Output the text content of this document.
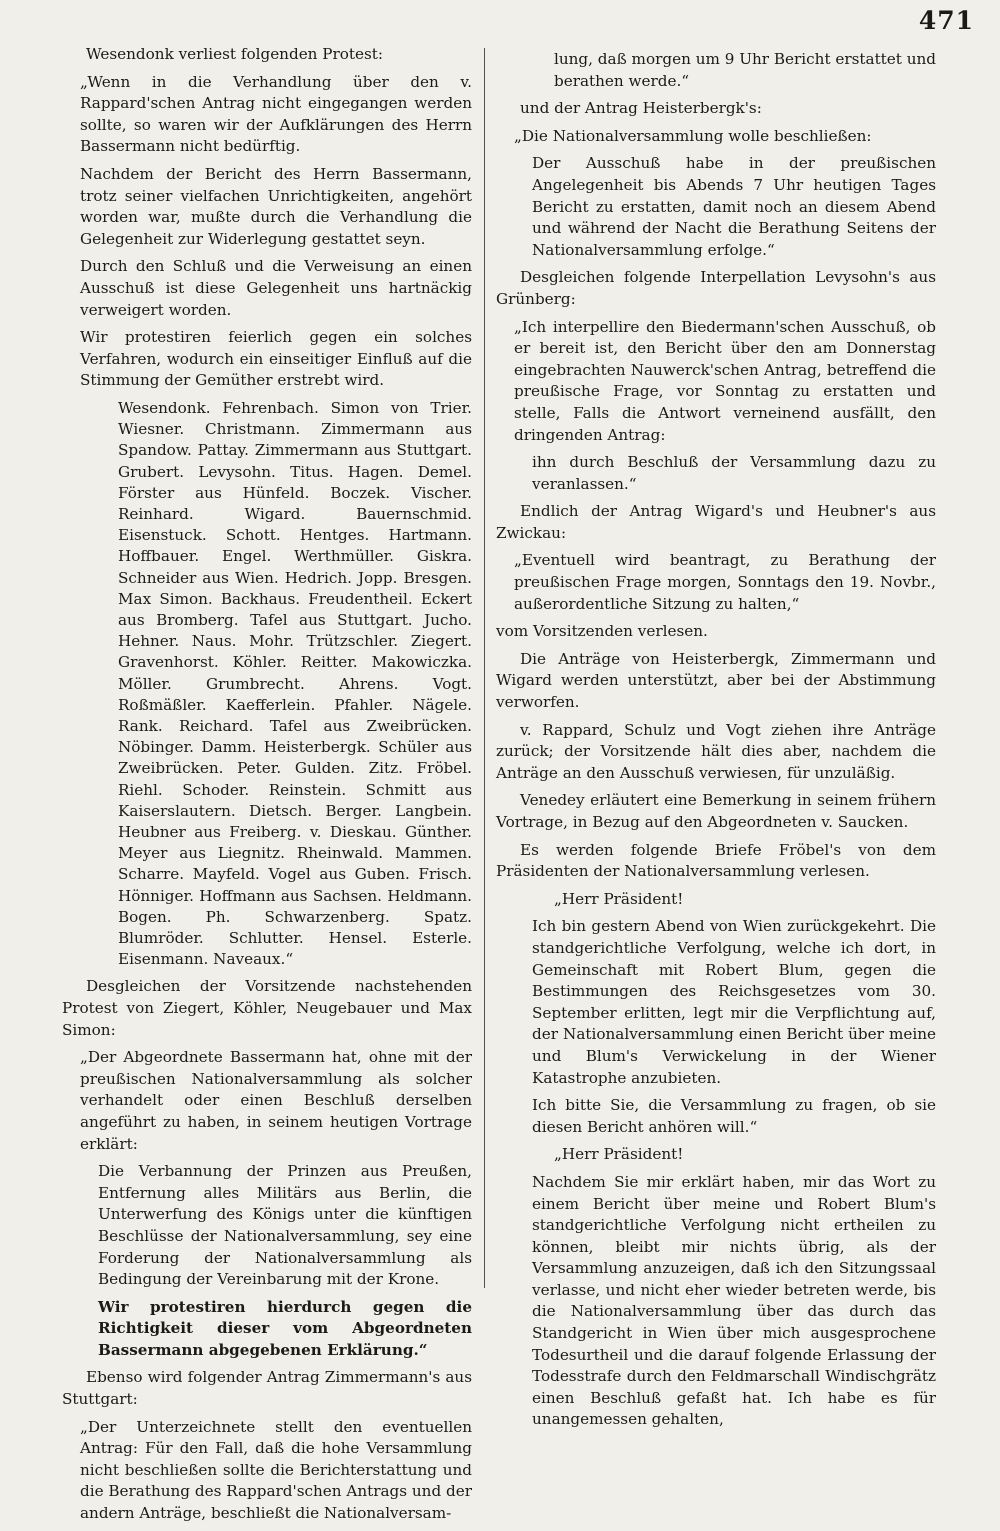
471

Wesendonk verliest folgenden Protest:

„Wenn in die Verhandlung über den v. Rappard'schen Antrag nicht eingegangen werden sollte, so waren wir der Aufklärungen des Herrn Bassermann nicht bedürftig.

Nachdem der Bericht des Herrn Bassermann, trotz seiner vielfachen Unrichtigkeiten, angehört worden war, mußte durch die Verhandlung die Gelegenheit zur Widerlegung gestattet seyn.

Durch den Schluß und die Verweisung an einen Ausschuß ist diese Gelegenheit uns hartnäckig verweigert worden.

Wir protestiren feierlich gegen ein solches Verfahren, wodurch ein einseitiger Einfluß auf die Stimmung der Gemüther erstrebt wird.

Wesendonk. Fehrenbach. Simon von Trier. Wiesner. Christmann. Zimmermann aus Spandow. Pattay. Zimmermann aus Stuttgart. Grubert. Levysohn. Titus. Hagen. Demel. Förster aus Hünfeld. Boczek. Vischer. Reinhard. Wigard. Bauernschmid. Eisenstuck. Schott. Hentges. Hartmann. Hoffbauer. Engel. Werthmüller. Giskra. Schneider aus Wien. Hedrich. Jopp. Bresgen. Max Simon. Backhaus. Freudentheil. Eckert aus Bromberg. Tafel aus Stuttgart. Jucho. Hehner. Naus. Mohr. Trützschler. Ziegert. Gravenhorst. Köhler. Reitter. Makowiczka. Möller. Grumbrecht. Ahrens. Vogt. Roßmäßler. Kaefferlein. Pfahler. Nägele. Rank. Reichard. Tafel aus Zweibrücken. Nöbinger. Damm. Heisterbergk. Schüler aus Zweibrücken. Peter. Gulden. Zitz. Fröbel. Riehl. Schoder. Reinstein. Schmitt aus Kaiserslautern. Dietsch. Berger. Langbein. Heubner aus Freiberg. v. Dieskau. Günther. Meyer aus Liegnitz. Rheinwald. Mammen. Scharre. Mayfeld. Vogel aus Guben. Frisch. Hönniger. Hoffmann aus Sachsen. Heldmann. Bogen. Ph. Schwarzenberg. Spatz. Blumröder. Schlutter. Hensel. Esterle. Eisenmann. Naveaux.“

Desgleichen der Vorsitzende nachstehenden Protest von Ziegert, Köhler, Neugebauer und Max Simon:

„Der Abgeordnete Bassermann hat, ohne mit der preußischen Nationalversammlung als solcher verhandelt oder einen Beschluß derselben angeführt zu haben, in seinem heutigen Vortrage erklärt:

Die Verbannung der Prinzen aus Preußen, Entfernung alles Militärs aus Berlin, die Unterwerfung des Königs unter die künftigen Beschlüsse der Nationalversammlung, sey eine Forderung der Nationalversammlung als Bedingung der Vereinbarung mit der Krone.

Wir protestiren hierdurch gegen die Richtigkeit dieser vom Abgeordneten Bassermann abgegebenen Erklärung.“

Ebenso wird folgender Antrag Zimmermann's aus Stuttgart:

„Der Unterzeichnete stellt den eventuellen Antrag: Für den Fall, daß die hohe Versammlung nicht beschließen sollte die Berichterstattung und die Berathung des Rappard'schen Antrags und der andern Anträge, beschließt die Nationalversam-

lung, daß morgen um 9 Uhr Bericht erstattet und berathen werde.“

und der Antrag Heisterbergk's:

„Die Nationalversammlung wolle beschließen:

Der Ausschuß habe in der preußischen Angelegenheit bis Abends 7 Uhr heutigen Tages Bericht zu erstatten, damit noch an diesem Abend und während der Nacht die Berathung Seitens der Nationalversammlung erfolge.“

Desgleichen folgende Interpellation Levysohn's aus Grünberg:

„Ich interpellire den Biedermann'schen Ausschuß, ob er bereit ist, den Bericht über den am Donnerstag eingebrachten Nauwerck'schen Antrag, betreffend die preußische Frage, vor Sonntag zu erstatten und stelle, Falls die Antwort verneinend ausfällt, den dringenden Antrag:

ihn durch Beschluß der Versammlung dazu zu veranlassen.“

Endlich der Antrag Wigard's und Heubner's aus Zwickau:

„Eventuell wird beantragt, zu Berathung der preußischen Frage morgen, Sonntags den 19. Novbr., außerordentliche Sitzung zu halten,“

vom Vorsitzenden verlesen.

Die Anträge von Heisterbergk, Zimmermann und Wigard werden unterstützt, aber bei der Abstimmung verworfen.

v. Rappard, Schulz und Vogt ziehen ihre Anträge zurück; der Vorsitzende hält dies aber, nachdem die Anträge an den Ausschuß verwiesen, für unzuläßig.

Venedey erläutert eine Bemerkung in seinem frühern Vortrage, in Bezug auf den Abgeordneten v. Saucken.

Es werden folgende Briefe Fröbel's von dem Präsidenten der Nationalversammlung verlesen.

„Herr Präsident!

Ich bin gestern Abend von Wien zurückgekehrt. Die standgerichtliche Verfolgung, welche ich dort, in Gemeinschaft mit Robert Blum, gegen die Bestimmungen des Reichsgesetzes vom 30. September erlitten, legt mir die Verpflichtung auf, der Nationalversammlung einen Bericht über meine und Blum's Verwickelung in der Wiener Katastrophe anzubieten.

Ich bitte Sie, die Versammlung zu fragen, ob sie diesen Bericht anhören will.“

„Herr Präsident!

Nachdem Sie mir erklärt haben, mir das Wort zu einem Bericht über meine und Robert Blum's standgerichtliche Verfolgung nicht ertheilen zu können, bleibt mir nichts übrig, als der Versammlung anzuzeigen, daß ich den Sitzungssaal verlasse, und nicht eher wieder betreten werde, bis die Nationalversammlung über das durch das Standgericht in Wien über mich ausgesprochene Todesurtheil und die darauf folgende Erlassung der Todesstrafe durch den Feldmarschall Windischgrätz einen Beschluß gefaßt hat. Ich habe es für unangemessen gehalten,
